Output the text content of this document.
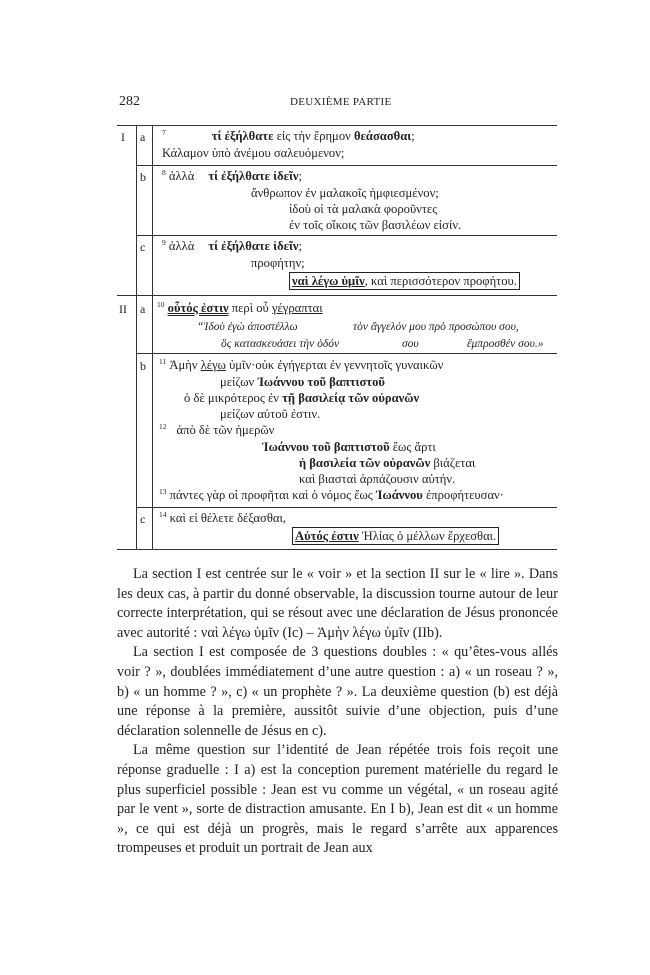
282	DEUXIÈME PARTIE
I a $^7$	τί ἐξήλθατε εἰς τὴν ἔρημον θεάσασθαι;
Κάλαμον ὑπὸ ἀνέμου σαλευόμενον;
b $^8$ ἀλλὰ τί ἐξήλθατε ἰδεῖν;
ἄνθρωπον ἐν μαλακοῖς ἠμφιεσμένον;
ἰδοὺ οἱ τὰ μαλακὰ φοροῦντες
ἐν τοῖς οἴκοις τῶν βασιλέων εἰσίν.
c $^9$ ἀλλὰ τί ἐξήλθατε ἰδεῖν;
προφήτην;
ναὶ λέγω ὑμῖν, καὶ περισσότερον προφήτου.
II a $^{10}$ οὗτός ἐστιν περὶ οὗ γέγραπται
“Ἰδοὺ ἐγὼ ἀποστέλλω	τὸν ἄγγελόν μου πρὸ προσώπου σου,
ὃς κατασκευάσει τὴν ὁδόν	σου	ἔμπροσθέν σου.»
b $^{11}$ Ἀμὴν λέγω ὑμῖν·οὐκ ἐγήγερται ἐν γεννητοῖς γυναικῶν
μείζων Ἰωάννου τοῦ βαπτιστοῦ
ὁ δὲ μικρότερος ἐν τῇ βασιλείᾳ τῶν οὐρανῶν
μείζων αὐτοῦ ἐστιν.
$^{12}$ ἀπὸ δὲ τῶν ἡμερῶν
Ἰωάννου τοῦ βαπτιστοῦ ἕως ἄρτι
ἡ βασιλεία τῶν οὐρανῶν βιάζεται
καὶ βιασταὶ ἁρπάζουσιν αὐτήν.
$^{13}$ πάντες γὰρ οἱ προφῆται καὶ ὁ νόμος ἕως Ἰωάννου ἐπροφήτευσαν·
c $^{14}$ καὶ εἰ θέλετε δέξασθαι,
Αὐτός ἐστιν Ἠλίας ὁ μέλλων ἔρχεσθαι.

La section I est centrée sur le « voir » et la section II sur le « lire ». Dans les deux cas, à partir du donné observable, la discussion tourne autour de leur correcte interprétation, qui se résout avec une déclaration de Jésus prononcée avec autorité : ναὶ λέγω ὑμῖν (Ic) – Ἀμὴν λέγω ὑμῖν (IIb).

La section I est composée de 3 questions doubles : « qu’êtes-vous allés voir ? », doublées immédiatement d’une autre question : a) « un roseau ? », b) « un homme ? », c) « un prophète ? ». La deuxième question (b) est déjà une réponse à la première, aussitôt suivie d’une objection, puis d’une déclaration solennelle de Jésus en c).

La même question sur l’identité de Jean répétée trois fois reçoit une réponse graduelle : I a) est la conception purement matérielle du regard le plus superficiel possible : Jean est vu comme un végétal, « un roseau agité par le vent », sorte de distraction amusante. En I b), Jean est dit « un homme », ce qui est déjà un progrès, mais le regard s’arrête aux apparences trompeuses et produit un portrait de Jean aux
